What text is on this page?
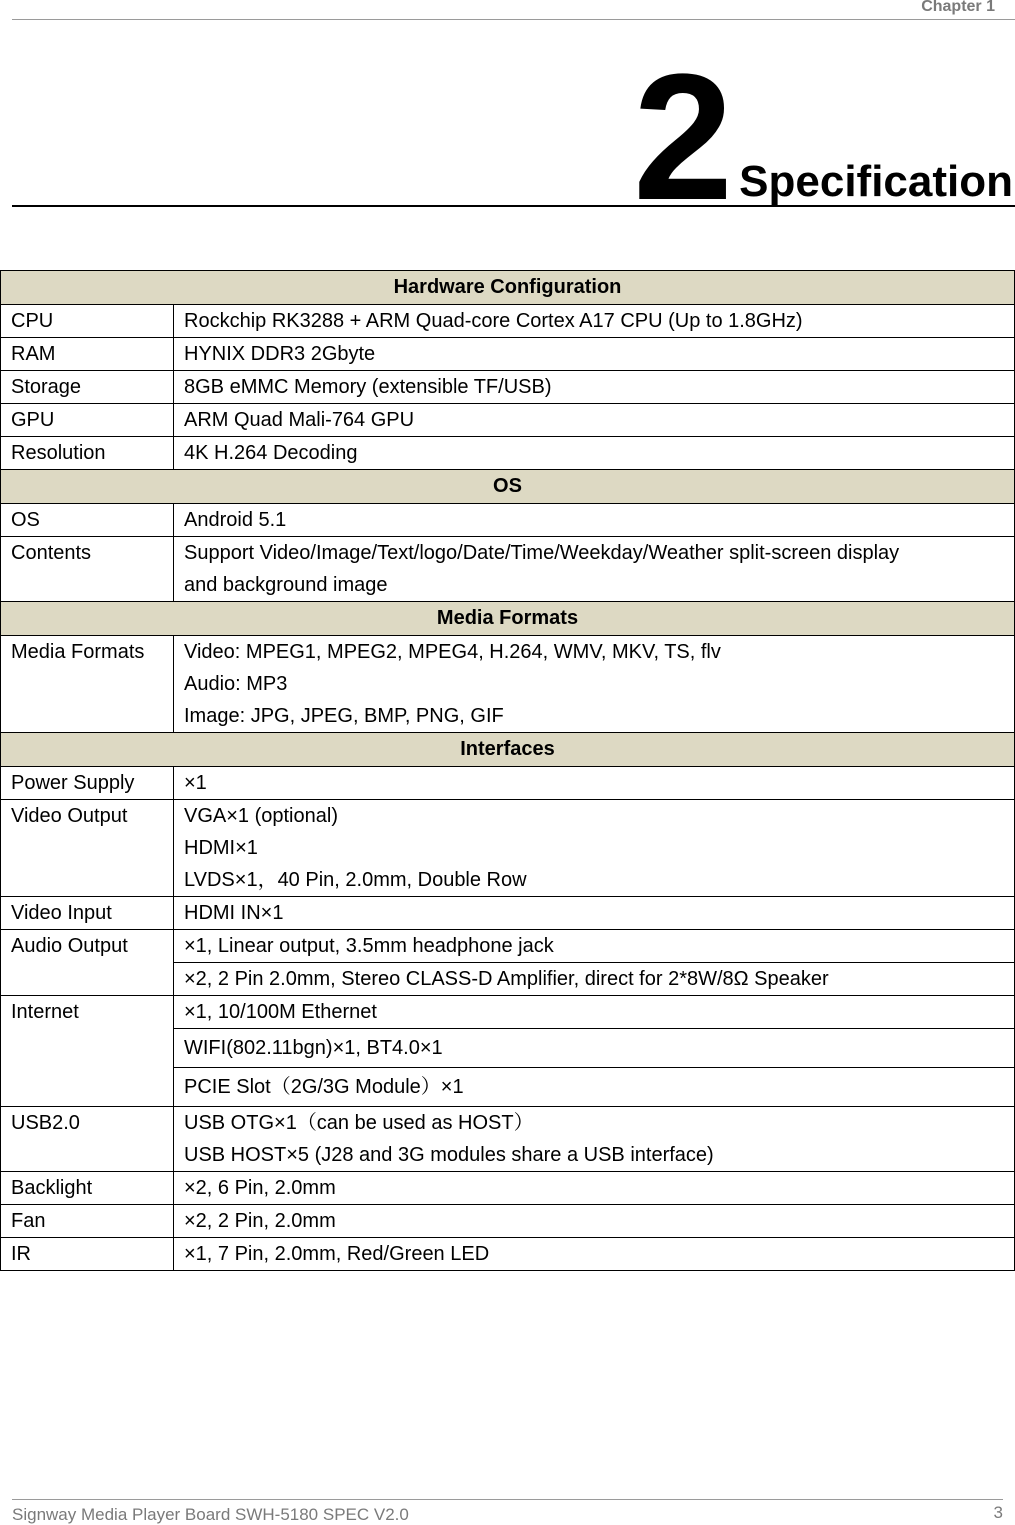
Chapter 1
2 Specification
Hardware Configuration	
CPU	Rockchip RK3288 + ARM Quad-core Cortex A17 CPU (Up to 1.8GHz)
RAM	HYNIX DDR3 2Gbyte
Storage	8GB eMMC Memory (extensible TF/USB)
GPU	ARM Quad Mali-764 GPU
Resolution	4K H.264 Decoding
OS	
OS	Android 5.1
Contents	Support Video/Image/Text/logo/Date/Time/Weekday/Weather split-screen display
and background image

Media Formats	
Media Formats	Video: MPEG1, MPEG2, MPEG4, H.264, WMV, MKV, TS, flv
Audio: MP3
Image: JPG, JPEG, BMP, PNG, GIF

Interfaces	
Power Supply	×1
Video Output	VGA×1 (optional)
HDMI×1
LVDS×1，40 Pin, 2.0mm, Double Row

Video Input	HDMI IN×1
Audio Output	×1, Linear output, 3.5mm headphone jack
	×2, 2 Pin 2.0mm, Stereo CLASS-D Amplifier, direct for 2*8W/8Ω Speaker
Internet	×1, 10/100M Ethernet
	WIFI(802.11bgn)×1, BT4.0×1
	PCIE Slot（2G/3G Module）×1
USB2.0	USB OTG×1（can be used as HOST）
USB HOST×5 (J28 and 3G modules share a USB interface)

Backlight	×2, 6 Pin, 2.0mm
Fan	×2, 2 Pin, 2.0mm
IR	×1, 7 Pin, 2.0mm, Red/Green LED
Signway Media Player Board SWH-5180 SPEC V2.0	3
